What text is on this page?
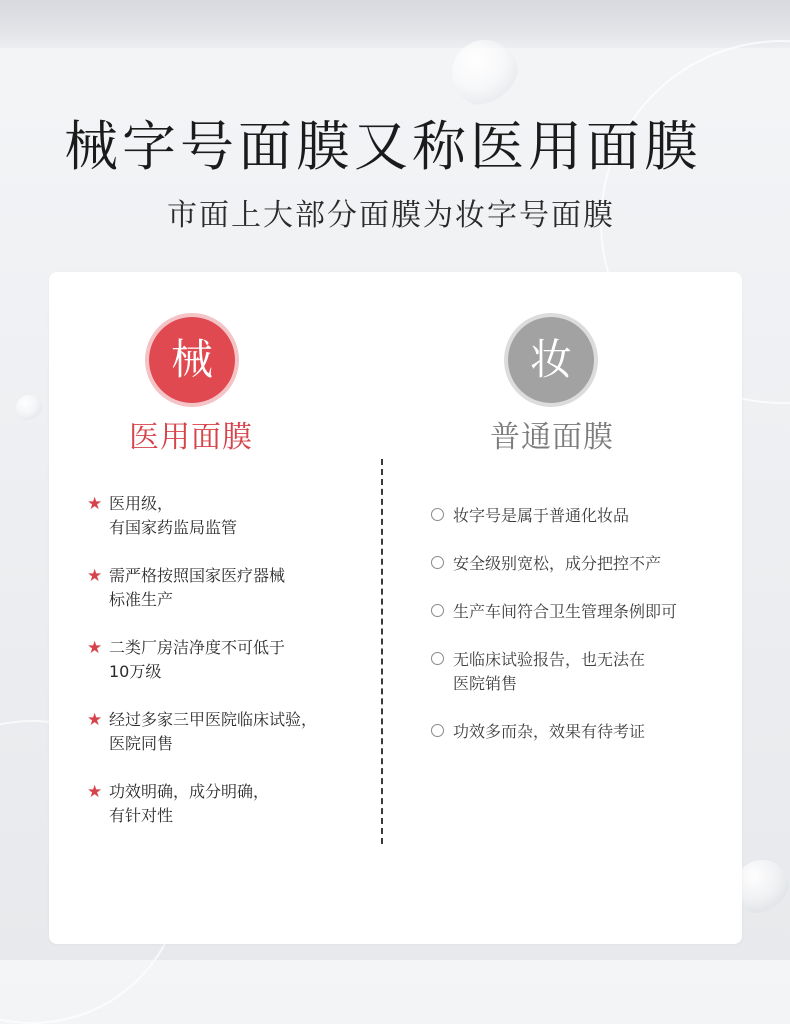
械字号面膜又称医用面膜
市面上大部分面膜为妆字号面膜
械
医用面膜
妆
普通面膜
★ 医用级，
有国家药监局监管
★ 需严格按照国家医疗器械
标准生产
★ 二类厂房洁净度不可低于
10万级
★ 经过多家三甲医院临床试验，
医院同售
★ 功效明确，成分明确，
有针对性
妆字号是属于普通化妆品
安全级别宽松，成分把控不产
生产车间符合卫生管理条例即可
无临床试验报告，也无法在
医院销售
功效多而杂，效果有待考证
